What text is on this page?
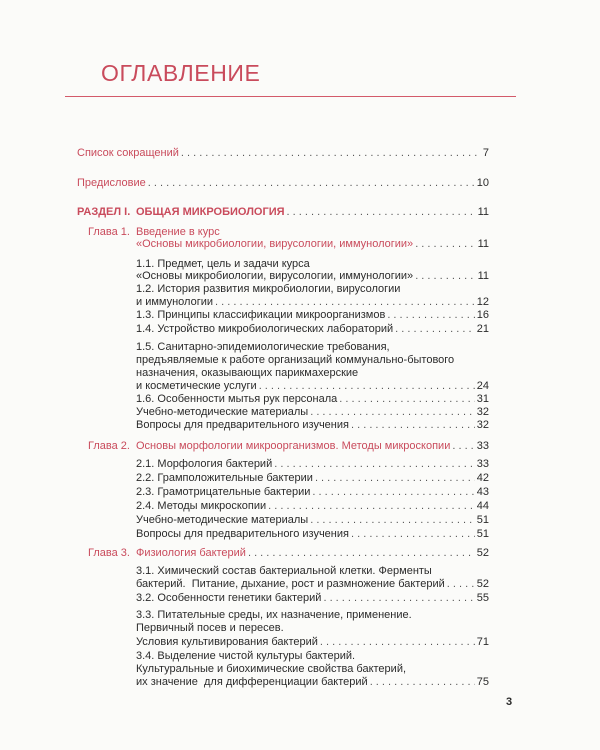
ОГЛАВЛЕНИЕ
Список сокращений . . .	7
Предисловие . . .	10
РАЗДЕЛ I. ОБЩАЯ МИКРОБИОЛОГИЯ . . .	11
Глава 1. Введение в курс
«Основы микробиологии, вирусологии, иммунологии» . . .	11
1.1. Предмет, цель и задачи курса
«Основы микробиологии, вирусологии, иммунологии» . . .	11
1.2. История развития микробиологии, вирусологии
и иммунологии . . .	12
1.3. Принципы классификации микроорганизмов . . .	16
1.4. Устройство микробиологических лабораторий . . .	21
1.5. Санитарно-эпидемиологические требования,
предъявляемые к работе организаций коммунально-бытового
назначения, оказывающих парикмахерские
и косметические услуги . . .	24
1.6. Особенности мытья рук персонала . . .	31
Учебно-методические материалы . . .	32
Вопросы для предварительного изучения . . .	32
Глава 2. Основы морфологии микроорганизмов. Методы микроскопии . . . 33
2.1. Морфология бактерий . . .	33
2.2. Грамположительные бактерии . . .	42
2.3. Грамотрицательные бактерии . . .	43
2.4. Методы микроскопии . . .	44
Учебно-методические материалы . . .	51
Вопросы для предварительного изучения . . .	51
Глава 3. Физиология бактерий . . .	52
3.1. Химический состав бактериальной клетки. Ферменты
бактерий.  Питание, дыхание, рост и размножение бактерий . . .	52
3.2. Особенности генетики бактерий . . .	55
3.3. Питательные среды, их назначение, применение.
Первичный посев и пересев.
Условия культивирования бактерий . . .	71
3.4. Выделение чистой культуры бактерий.
Культуральные и биохимические свойства бактерий,
их значение  для дифференциации бактерий . . .	75
3
